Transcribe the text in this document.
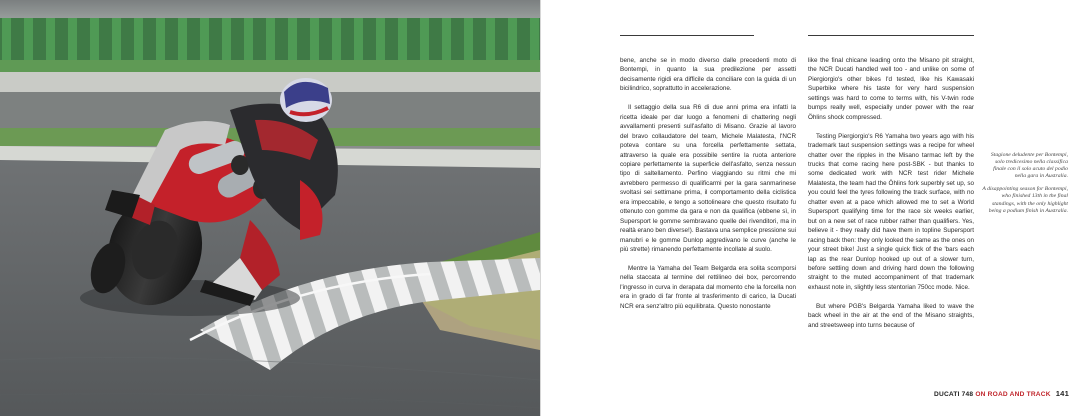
bene, anche se in modo diverso dalle precedenti moto di Bontempi, in quanto la sua predilezione per assetti decisamente rigidi era difficile da conciliare con la guida di un bicilindrico, soprattutto in accelerazione.

Il settaggio della sua R6 di due anni prima era infatti la ricetta ideale per dar luogo a fenomeni di chattering negli avvallamenti presenti sull'asfalto di Misano. Grazie al lavoro del bravo collaudatore del team, Michele Malatesta, l'NCR poteva contare su una forcella perfettamente settata, attraverso la quale era possibile sentire la ruota anteriore copiare perfettamente la superficie dell'asfalto, senza nessun tipo di saltellamento. Perfino viaggiando su ritmi che mi avrebbero permesso di qualificarmi per la gara sanmarinese svoltasi sei settimane prima, il comportamento della ciclistica era impeccabile, e tengo a sottolineare che questo risultato fu ottenuto con gomme da gara e non da qualifica (ebbene sì, in Supersport le gomme sembravano quelle dei rivenditori, ma in realtà erano ben diverse!). Bastava una semplice pressione sui manubri e le gomme Dunlop aggredivano le curve (anche le più strette) rimanendo perfettamente incollate al suolo.

Mentre la Yamaha del Team Belgarda era solita scomporsi nella staccata al termine del rettilineo dei box, percorrendo l'ingresso in curva in derapata dal momento che la forcella non era in grado di far fronte al trasferimento di carico, la Ducati NCR era senz'altro più equilibrata. Questo nonostante

like the final chicane leading onto the Misano pit straight, the NCR Ducati handled well too - and unlike on some of Piergiorgio's other bikes I'd tested, like his Kawasaki Superbike where his taste for very hard suspension settings was hard to come to terms with, his V-twin rode bumps really well, especially under power with the rear Öhlins shock compressed.

Testing Piergiorgio's R6 Yamaha two years ago with his trademark taut suspension settings was a recipe for wheel chatter over the ripples in the Misano tarmac left by the trucks that come racing here post-SBK - but thanks to some dedicated work with NCR test rider Michele Malatesta, the team had the Öhlins fork superbly set up, so you could feel the tyres following the track surface, with no chatter even at a pace which allowed me to set a World Supersport qualifying time for the race six weeks earlier, but on a new set of race rubber rather than qualifiers. Yes, believe it - they really did have them in topline Supersport racing back then: they only looked the same as the ones on your street bike! Just a single quick flick of the 'bars each lap as the rear Dunlop hooked up out of a slower turn, before settling down and driving hard down the following straight to the muted accompaniment of that trademark exhaust note in, slightly less stentorian 750cc mode. Nice.

But where PGB's Belgarda Yamaha liked to wave the back wheel in the air at the end of the Misano straights, and streetsweep into turns because of

Stagione deludente per Bontempi, solo tredicesimo nella classifica finale con il solo acuto del podio nella gara in Australia.

A disappointing season for Bontempi, who finished 13th in the final standings, with the only highlight being a podium finish in Australia.

DUCATI 748 ON ROAD AND TRACK 141
